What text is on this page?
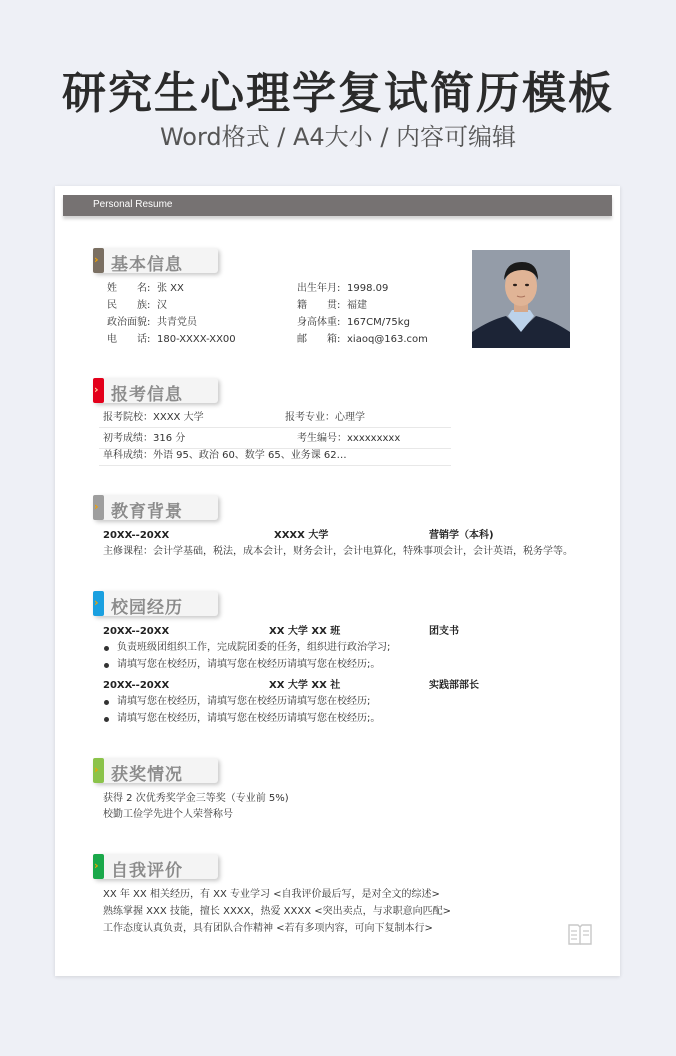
研究生心理学复试简历模板
Word格式 / A4大小 / 内容可编辑
Personal Resume
› 基本信息
姓　　名: 张 XX	出生年月: 1998.09
民　　族: 汉	籍　　贯: 福建
政治面貌: 共青党员	身高体重: 167CM/75kg
电　　话: 180-XXXX-XX00	邮　　箱: xiaoq@163.com
› 报考信息
报考院校：XXXX 大学	报考专业：心理学
初考成绩：316 分	考生编号：xxxxxxxxx
单科成绩：外语 95、政治 60、数学 65、业务课 62…
› 教育背景
20XX--20XX	XXXX 大学	营销学（本科)
主修课程：会计学基础，税法，成本会计，财务会计，会计电算化，特殊事项会计，会计英语，税务学等。
› 校园经历
20XX--20XX	XX 大学 XX 班	团支书
负责班级团组织工作，完成院团委的任务，组织进行政治学习;
请填写您在校经历，请填写您在校经历请填写您在校经历;。
20XX--20XX	XX 大学 XX 社	实践部部长
请填写您在校经历，请填写您在校经历请填写您在校经历;
请填写您在校经历，请填写您在校经历请填写您在校经历;。
› 获奖情况
获得 2 次优秀奖学金三等奖（专业前 5%)
校勤工俭学先进个人荣誉称号
› 自我评价
XX 年 XX 相关经历，有 XX 专业学习 <自我评价最后写，是对全文的综述>
熟练掌握 XXX 技能，擅长 XXXX，热爱 XXXX <突出卖点，与求职意向匹配>
工作态度认真负责，具有团队合作精神 <若有多项内容，可向下复制本行>
